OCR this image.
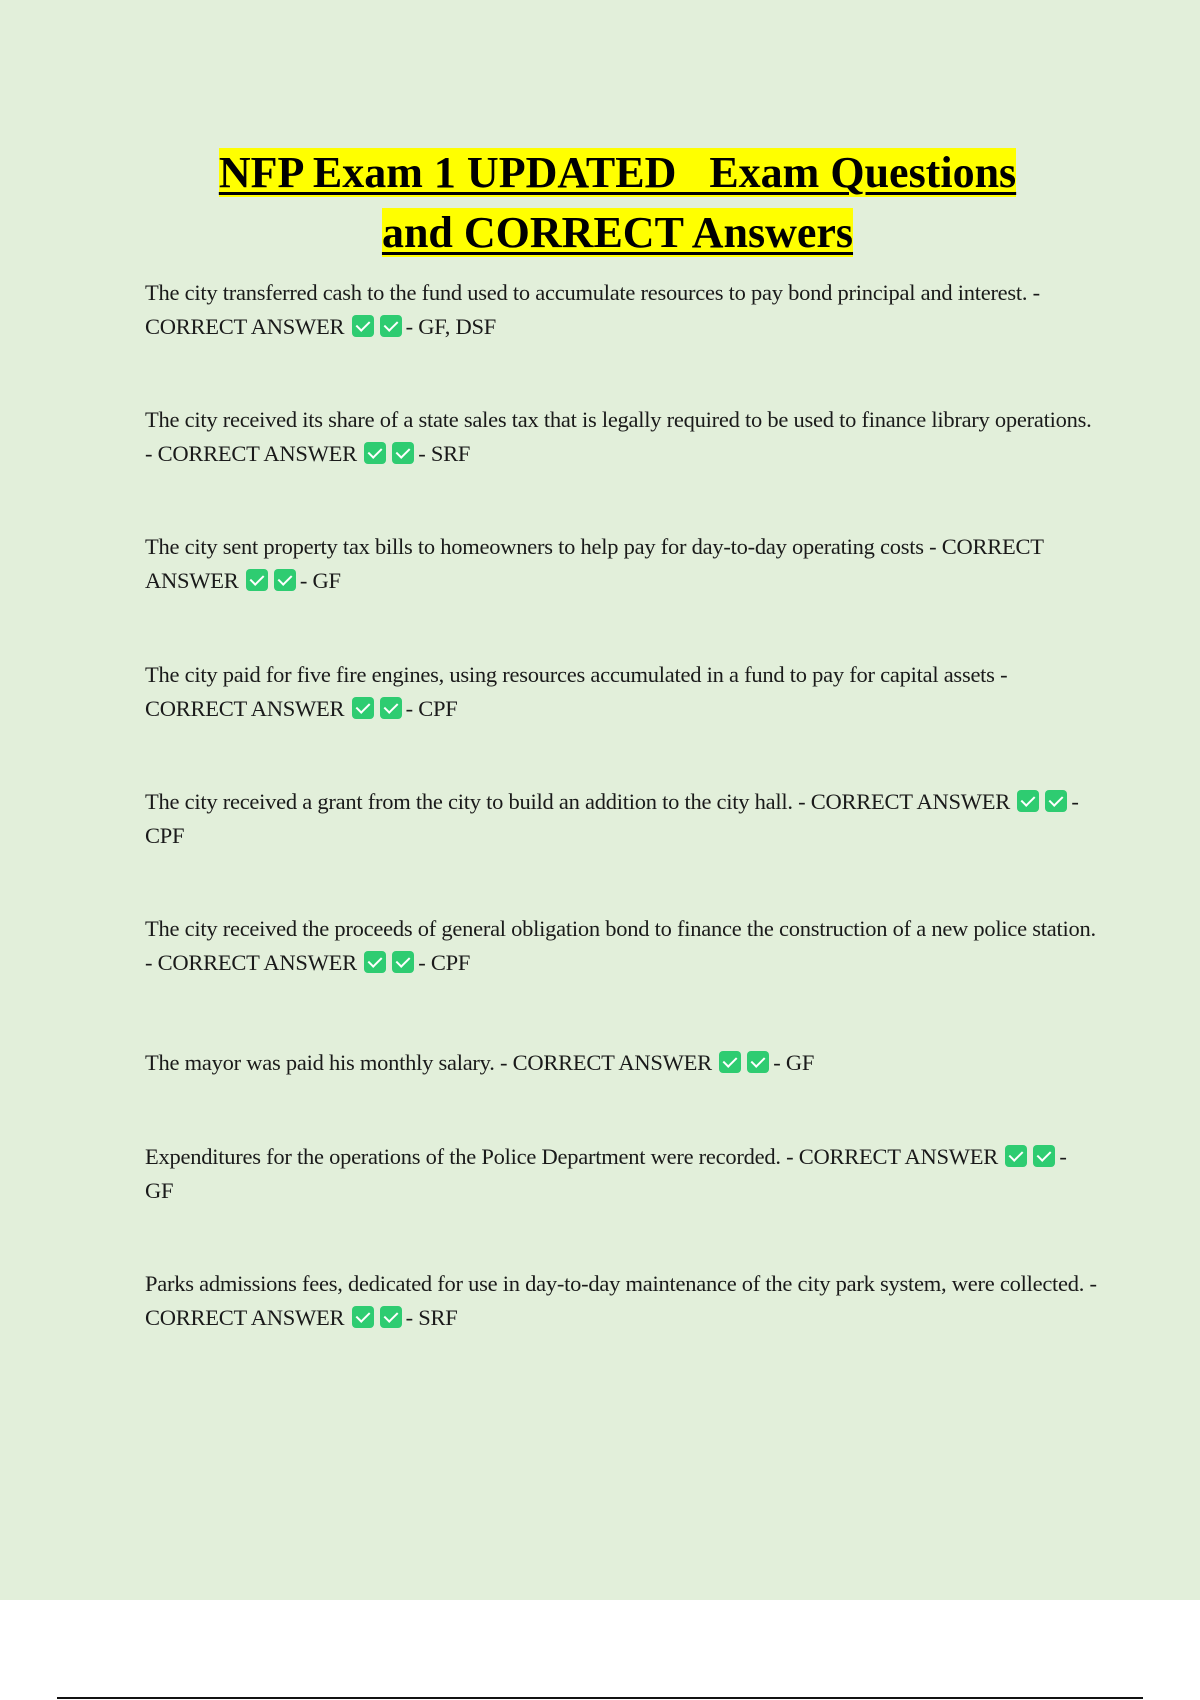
NFP Exam 1 UPDATED   Exam Questions
and CORRECT Answers
The city transferred cash to the fund used to accumulate resources to pay bond principal and interest. - CORRECT ANSWER	- GF, DSF
The city received its share of a state sales tax that is legally required to be used to finance library operations. - CORRECT ANSWER	- SRF
The city sent property tax bills to homeowners to help pay for day-to-day operating costs - CORRECT ANSWER	- GF
The city paid for five fire engines, using resources accumulated in a fund to pay for capital assets - CORRECT ANSWER	- CPF
The city received a grant from the city to build an addition to the city hall. - CORRECT ANSWER	- CPF
The city received the proceeds of general obligation bond to finance the construction of a new police station. - CORRECT ANSWER	- CPF
The mayor was paid his monthly salary. - CORRECT ANSWER	- GF
Expenditures for the operations of the Police Department were recorded. - CORRECT ANSWER	- GF
Parks admissions fees, dedicated for use in day-to-day maintenance of the city park system, were collected. - CORRECT ANSWER	- SRF
